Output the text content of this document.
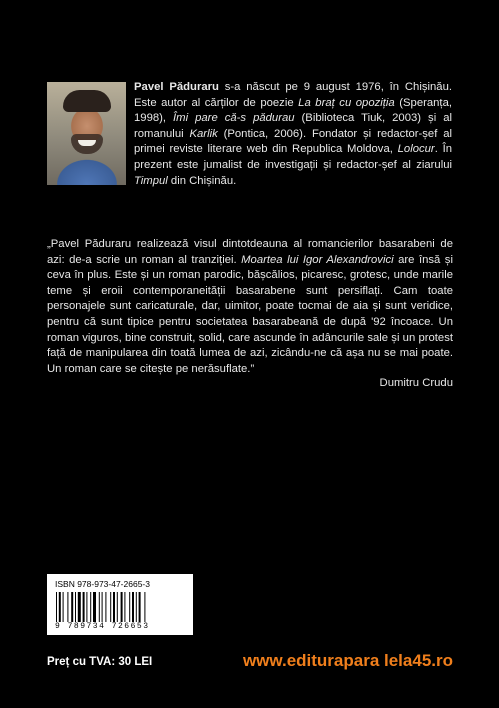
Pavel Păduraru s-a născut pe 9 august 1976, în Chișinău. Este autor al cărților de poezie La braț cu opoziția (Speranța, 1998), Îmi pare că-s pădurau (Biblioteca Tiuk, 2003) și al romanului Karlik (Pontica, 2006). Fondator și redactor-șef al primei reviste literare web din Republica Moldova, Lolocur. În prezent este jumalist de investigații și redactor-șef al ziarului Timpul din Chișinău.
„Pavel Păduraru realizează visul dintotdeauna al romancierilor basarabeni de azi: de-a scrie un roman al tranziției. Moartea lui Igor Alexandrovici are însă și ceva în plus. Este și un roman parodic, bășcălios, picaresc, grotesc, unde marile teme și eroii contemporaneității basarabene sunt persiflați. Cam toate personajele sunt caricaturale, dar, uimitor, poate tocmai de aia și sunt veridice, pentru că sunt tipice pentru societatea basarabeană de după '92 încoace. Un roman viguros, bine construit, solid, care ascunde în adâncurile sale și un protest față de manipularea din toată lumea de azi, zicându-ne că așa nu se mai poate. Un roman care se citește pe nerăsuflate.”
Dumitru Crudu
ISBN 978-973-47-2665-3
9 789734 726653
Preț cu TVA: 30 LEI	www.editurapara lela45.ro
